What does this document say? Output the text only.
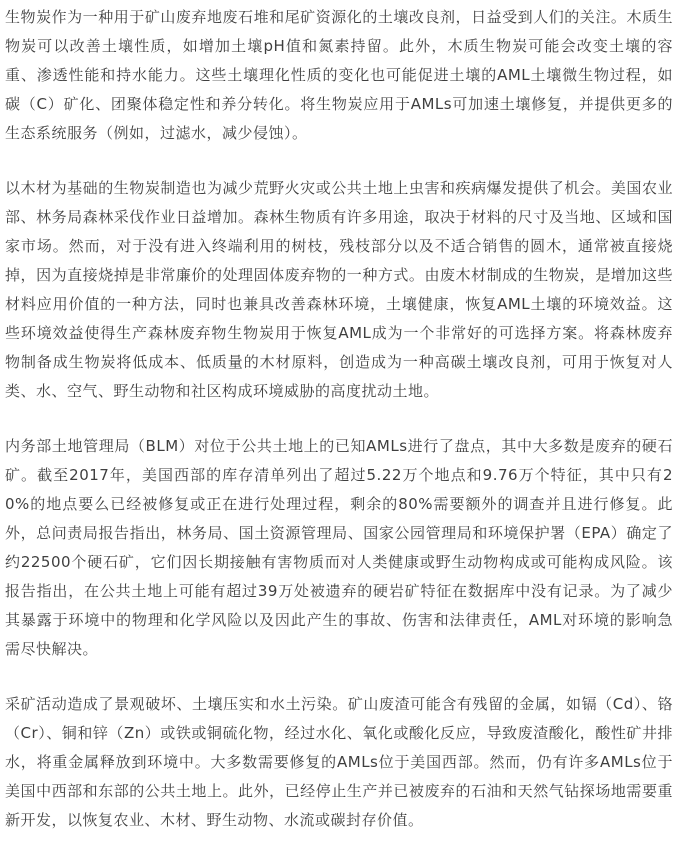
生物炭作为一种用于矿山废弃地废石堆和尾矿资源化的土壤改良剂，日益受到人们的关注。木质生物炭可以改善土壤性质，如增加土壤pH值和氮素持留。此外，木质生物炭可能会改变土壤的容重、渗透性能和持水能力。这些土壤理化性质的变化也可能促进土壤的AML土壤微生物过程，如碳（C）矿化、团聚体稳定性和养分转化。将生物炭应用于AMLs可加速土壤修复，并提供更多的生态系统服务（例如，过滤水，减少侵蚀）。

以木材为基础的生物炭制造也为减少荒野火灾或公共土地上虫害和疾病爆发提供了机会。美国农业部、林务局森林采伐作业日益增加。森林生物质有许多用途，取决于材料的尺寸及当地、区域和国家市场。然而，对于没有进入终端利用的树枝，残枝部分以及不适合销售的圆木，通常被直接烧掉，因为直接烧掉是非常廉价的处理固体废弃物的一种方式。由废木材制成的生物炭，是增加这些材料应用价值的一种方法，同时也兼具改善森林环境，土壤健康，恢复AML土壤的环境效益。这些环境效益使得生产森林废弃物生物炭用于恢复AML成为一个非常好的可选择方案。将森林废弃物制备成生物炭将低成本、低质量的木材原料，创造成为一种高碳土壤改良剂，可用于恢复对人类、水、空气、野生动物和社区构成环境威胁的高度扰动土地。

内务部土地管理局（BLM）对位于公共土地上的已知AMLs进行了盘点，其中大多数是废弃的硬石矿。截至2017年，美国西部的库存清单列出了超过5.22万个地点和9.76万个特征，其中只有20%的地点要么已经被修复或正在进行处理过程，剩余的80%需要额外的调查并且进行修复。此外，总问责局报告指出，林务局、国土资源管理局、国家公园管理局和环境保护署（EPA）确定了约22500个硬石矿，它们因长期接触有害物质而对人类健康或野生动物构成或可能构成风险。该报告指出，在公共土地上可能有超过39万处被遗弃的硬岩矿特征在数据库中没有记录。为了减少其暴露于环境中的物理和化学风险以及因此产生的事故、伤害和法律责任，AML对环境的影响急需尽快解决。

采矿活动造成了景观破坏、土壤压实和水土污染。矿山废渣可能含有残留的金属，如镉（Cd）、铬（Cr）、铜和锌（Zn）或铁或铜硫化物，经过水化、氧化或酸化反应，导致废渣酸化，酸性矿井排水，将重金属释放到环境中。大多数需要修复的AMLs位于美国西部。然而，仍有许多AMLs位于美国中西部和东部的公共土地上。此外，已经停止生产并已被废弃的石油和天然气钻探场地需要重新开发，以恢复农业、木材、野生动物、水流或碳封存价值。
